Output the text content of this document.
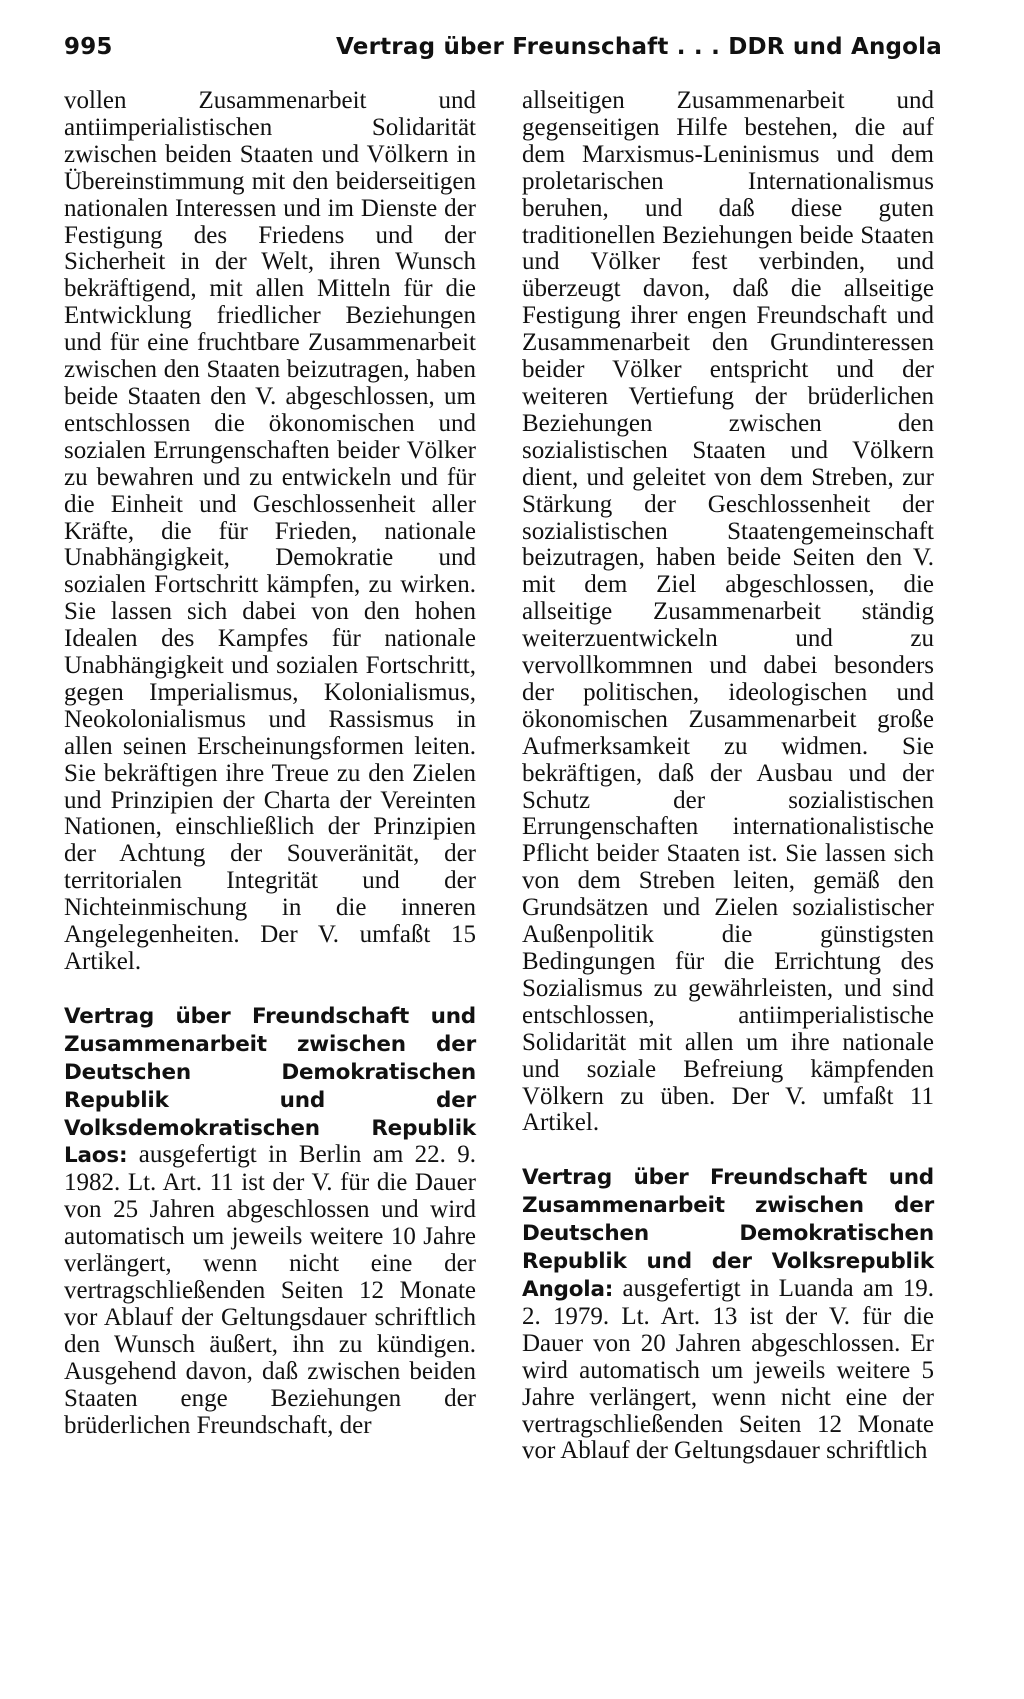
995	Vertrag über Freunschaft . . . DDR und Angola

vollen Zusammenarbeit und antiimperialistischen Solidarität zwischen beiden Staaten und Völkern in Übereinstimmung mit den beiderseitigen nationalen Interessen und im Dienste der Festigung des Friedens und der Sicherheit in der Welt, ihren Wunsch bekräftigend, mit allen Mitteln für die Entwicklung friedlicher Beziehungen und für eine fruchtbare Zusammenarbeit zwischen den Staaten beizutragen, haben beide Staaten den V. abgeschlossen, um entschlossen die ökonomischen und sozialen Errungenschaften beider Völker zu bewahren und zu entwickeln und für die Einheit und Geschlossenheit aller Kräfte, die für Frieden, nationale Unabhängigkeit, Demokratie und sozialen Fortschritt kämpfen, zu wirken. Sie lassen sich dabei von den hohen Idealen des Kampfes für nationale Unabhängigkeit und sozialen Fortschritt, gegen Imperialismus, Kolonialismus, Neokolonialismus und Rassismus in allen seinen Erscheinungsformen leiten. Sie bekräftigen ihre Treue zu den Zielen und Prinzipien der Charta der Vereinten Nationen, einschließlich der Prinzipien der Achtung der Souveränität, der territorialen Integrität und der Nichteinmischung in die inneren Angelegenheiten. Der V. umfaßt 15 Artikel.

Vertrag über Freundschaft und Zusammenarbeit zwischen der Deutschen Demokratischen Republik und der Volksdemokratischen Republik Laos: ausgefertigt in Berlin am 22. 9. 1982. Lt. Art. 11 ist der V. für die Dauer von 25 Jahren abgeschlossen und wird automatisch um jeweils weitere 10 Jahre verlängert, wenn nicht eine der vertragschließenden Seiten 12 Monate vor Ablauf der Geltungsdauer schriftlich den Wunsch äußert, ihn zu kündigen. Ausgehend davon, daß zwischen beiden Staaten enge Beziehungen der brüderlichen Freundschaft, der

allseitigen Zusammenarbeit und gegenseitigen Hilfe bestehen, die auf dem Marxismus-Leninismus und dem proletarischen Internationalismus beruhen, und daß diese guten traditionellen Beziehungen beide Staaten und Völker fest verbinden, und überzeugt davon, daß die allseitige Festigung ihrer engen Freundschaft und Zusammenarbeit den Grundinteressen beider Völker entspricht und der weiteren Vertiefung der brüderlichen Beziehungen zwischen den sozialistischen Staaten und Völkern dient, und geleitet von dem Streben, zur Stärkung der Geschlossenheit der sozialistischen Staatengemeinschaft beizutragen, haben beide Seiten den V. mit dem Ziel abgeschlossen, die allseitige Zusammenarbeit ständig weiterzuentwickeln und zu vervollkommnen und dabei besonders der politischen, ideologischen und ökonomischen Zusammenarbeit große Aufmerksamkeit zu widmen. Sie bekräftigen, daß der Ausbau und der Schutz der sozialistischen Errungenschaften internationalistische Pflicht beider Staaten ist. Sie lassen sich von dem Streben leiten, gemäß den Grundsätzen und Zielen sozialistischer Außenpolitik die günstigsten Bedingungen für die Errichtung des Sozialismus zu gewährleisten, und sind entschlossen, antiimperialistische Solidarität mit allen um ihre nationale und soziale Befreiung kämpfenden Völkern zu üben. Der V. umfaßt 11 Artikel.

Vertrag über Freundschaft und Zusammenarbeit zwischen der Deutschen Demokratischen Republik und der Volksrepublik Angola: ausgefertigt in Luanda am 19. 2. 1979. Lt. Art. 13 ist der V. für die Dauer von 20 Jahren abgeschlossen. Er wird automatisch um jeweils weitere 5 Jahre verlängert, wenn nicht eine der vertragschließenden Seiten 12 Monate vor Ablauf der Geltungsdauer schriftlich
